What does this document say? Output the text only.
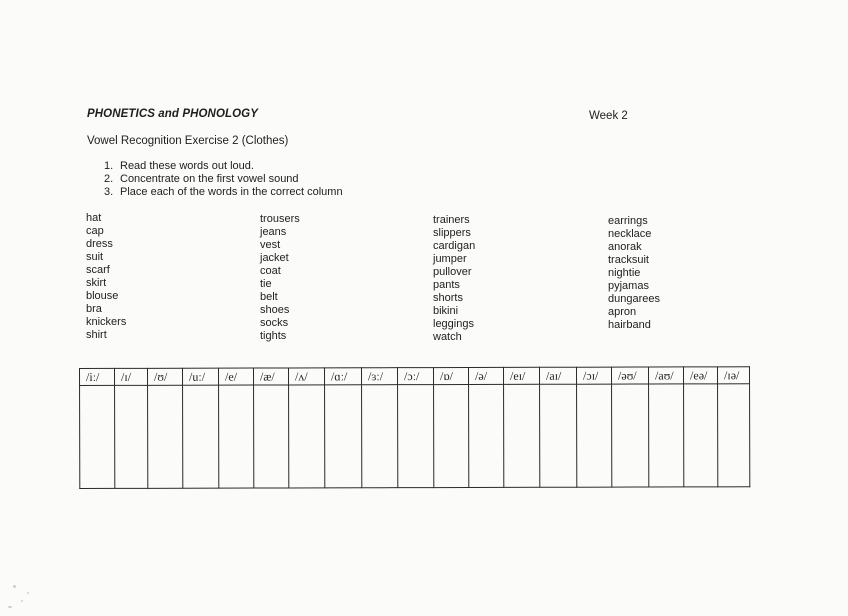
PHONETICS and PHONOLOGY	Week 2
Vowel Recognition Exercise 2 (Clothes)
1. Read these words out loud.
2. Concentrate on the first vowel sound
3. Place each of the words in the correct column
hat
cap
dress
suit
scarf
skirt
blouse
bra
knickers
shirt
trousers
jeans
vest
jacket
coat
tie
belt
shoes
socks
tights
trainers
slippers
cardigan
jumper
pullover
pants
shorts
bikini
leggings
watch
earrings
necklace
anorak
tracksuit
nightie
pyjamas
dungarees
apron
hairband
/iː/	/ɪ/	/ʊ/	/uː/	/e/	/æ/	/ʌ/	/ɑː/	/ɜː/	/ɔː/	/ɒ/	/ə/	/eɪ/	/aɪ/	/ɔɪ/	/əʊ/	/aʊ/	/eə/	/ɪə/
